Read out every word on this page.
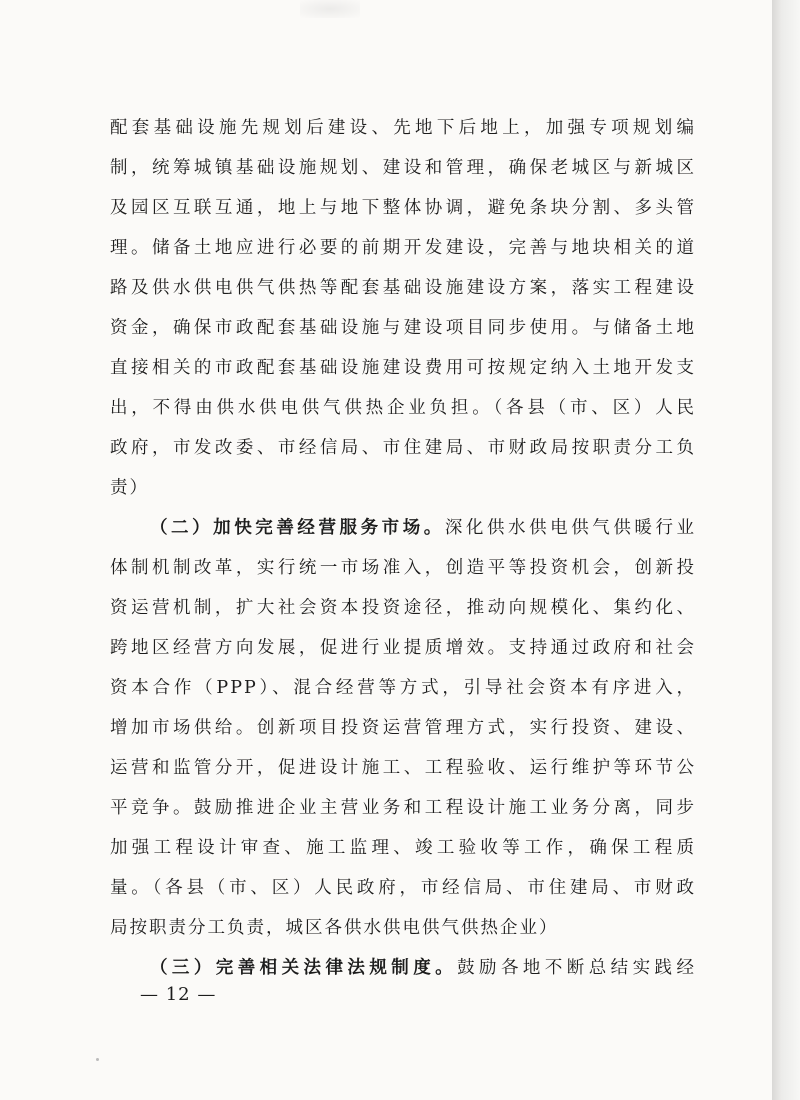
配套基础设施先规划后建设、先地下后地上，加强专项规划编

制，统筹城镇基础设施规划、建设和管理，确保老城区与新城区

及园区互联互通，地上与地下整体协调，避免条块分割、多头管

理。储备土地应进行必要的前期开发建设，完善与地块相关的道

路及供水供电供气供热等配套基础设施建设方案，落实工程建设

资金，确保市政配套基础设施与建设项目同步使用。与储备土地

直接相关的市政配套基础设施建设费用可按规定纳入土地开发支

出，不得由供水供电供气供热企业负担。（各县（市、区）人民

政府，市发改委、市经信局、市住建局、市财政局按职责分工负

责）

（二）加快完善经营服务市场。深化供水供电供气供暖行业

体制机制改革，实行统一市场准入，创造平等投资机会，创新投

资运营机制，扩大社会资本投资途径，推动向规模化、集约化、

跨地区经营方向发展，促进行业提质增效。支持通过政府和社会

资本合作（PPP）、混合经营等方式，引导社会资本有序进入，

增加市场供给。创新项目投资运营管理方式，实行投资、建设、

运营和监管分开，促进设计施工、工程验收、运行维护等环节公

平竞争。鼓励推进企业主营业务和工程设计施工业务分离，同步

加强工程设计审查、施工监理、竣工验收等工作，确保工程质

量。（各县（市、区）人民政府，市经信局、市住建局、市财政

局按职责分工负责，城区各供水供电供气供热企业）

（三）完善相关法律法规制度。鼓励各地不断总结实践经

— 12 —
